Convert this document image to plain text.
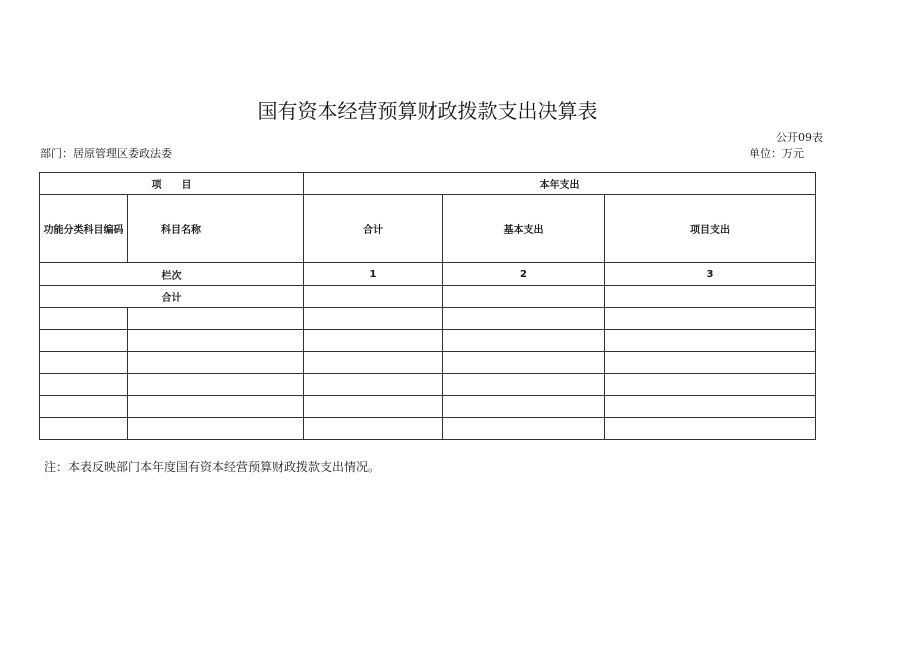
国有资本经营预算财政拨款支出决算表
公开09表
部门：居原管理区委政法委	单位：万元
项　　目		本年支出		
功能分类科目编码	科目名称	合计	基本支出	项目支出
栏次		1	2	3
合计				

注：本表反映部门本年度国有资本经营预算财政拨款支出情况。
